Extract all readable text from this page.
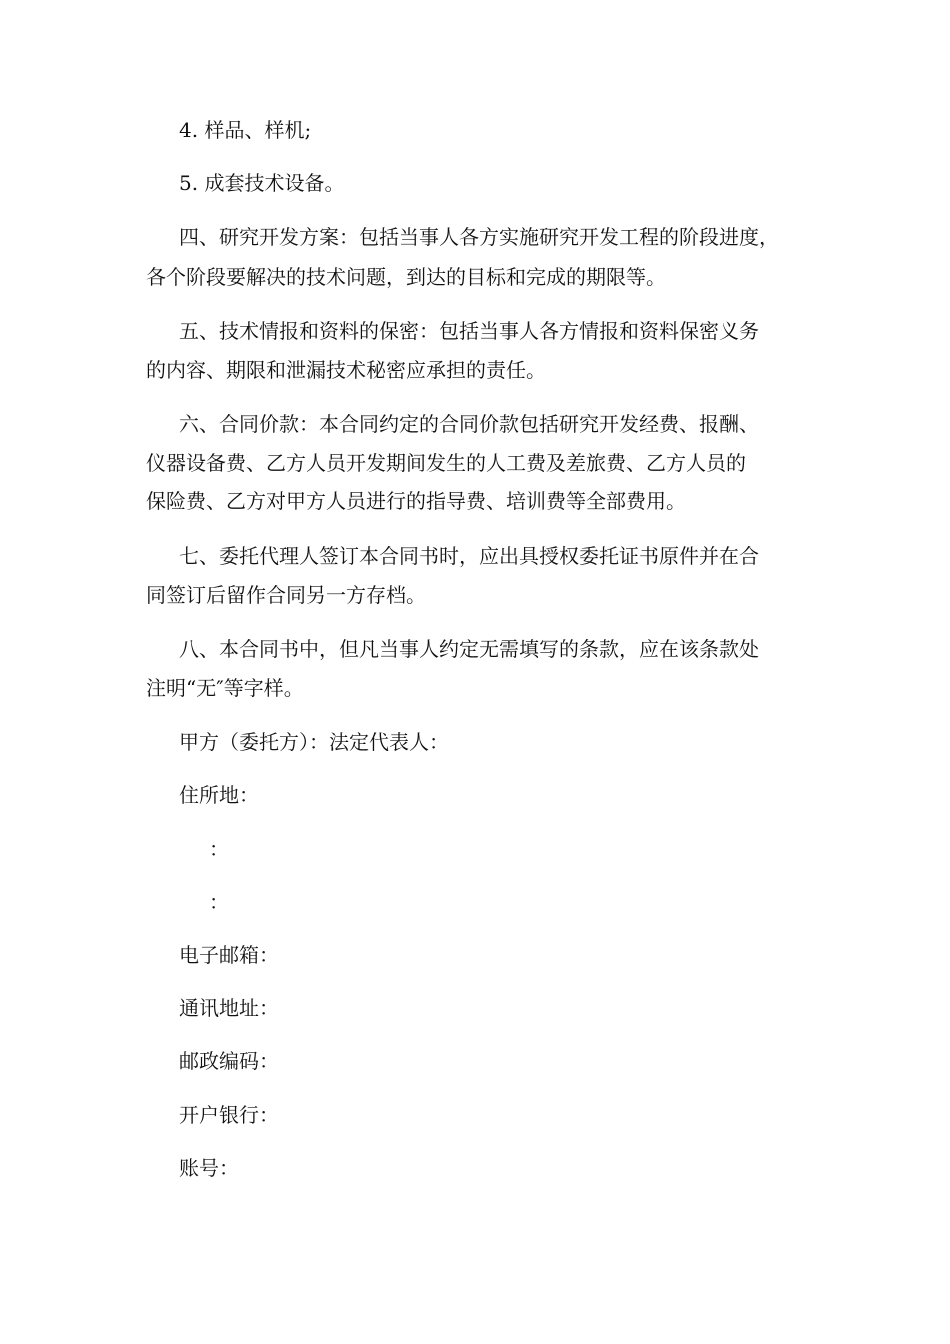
4. 样品、样机;
5. 成套技术设备。
四、研究开发方案：包括当事人各方实施研究开发工程的阶段进度，
各个阶段要解决的技术问题，到达的目标和完成的期限等。
五、技术情报和资料的保密：包括当事人各方情报和资料保密义务
的内容、期限和泄漏技术秘密应承担的责任。
六、合同价款：本合同约定的合同价款包括研究开发经费、报酬、
仪器设备费、乙方人员开发期间发生的人工费及差旅费、乙方人员的
保险费、乙方对甲方人员进行的指导费、培训费等全部费用。
七、委托代理人签订本合同书时，应出具授权委托证书原件并在合
同签订后留作合同另一方存档。
八、本合同书中，但凡当事人约定无需填写的条款，应在该条款处
注明“无″等字样。
甲方（委托方）：法定代表人：
住所地：
：
：
电子邮箱：
通讯地址：
邮政编码：
开户银行：
账号：
